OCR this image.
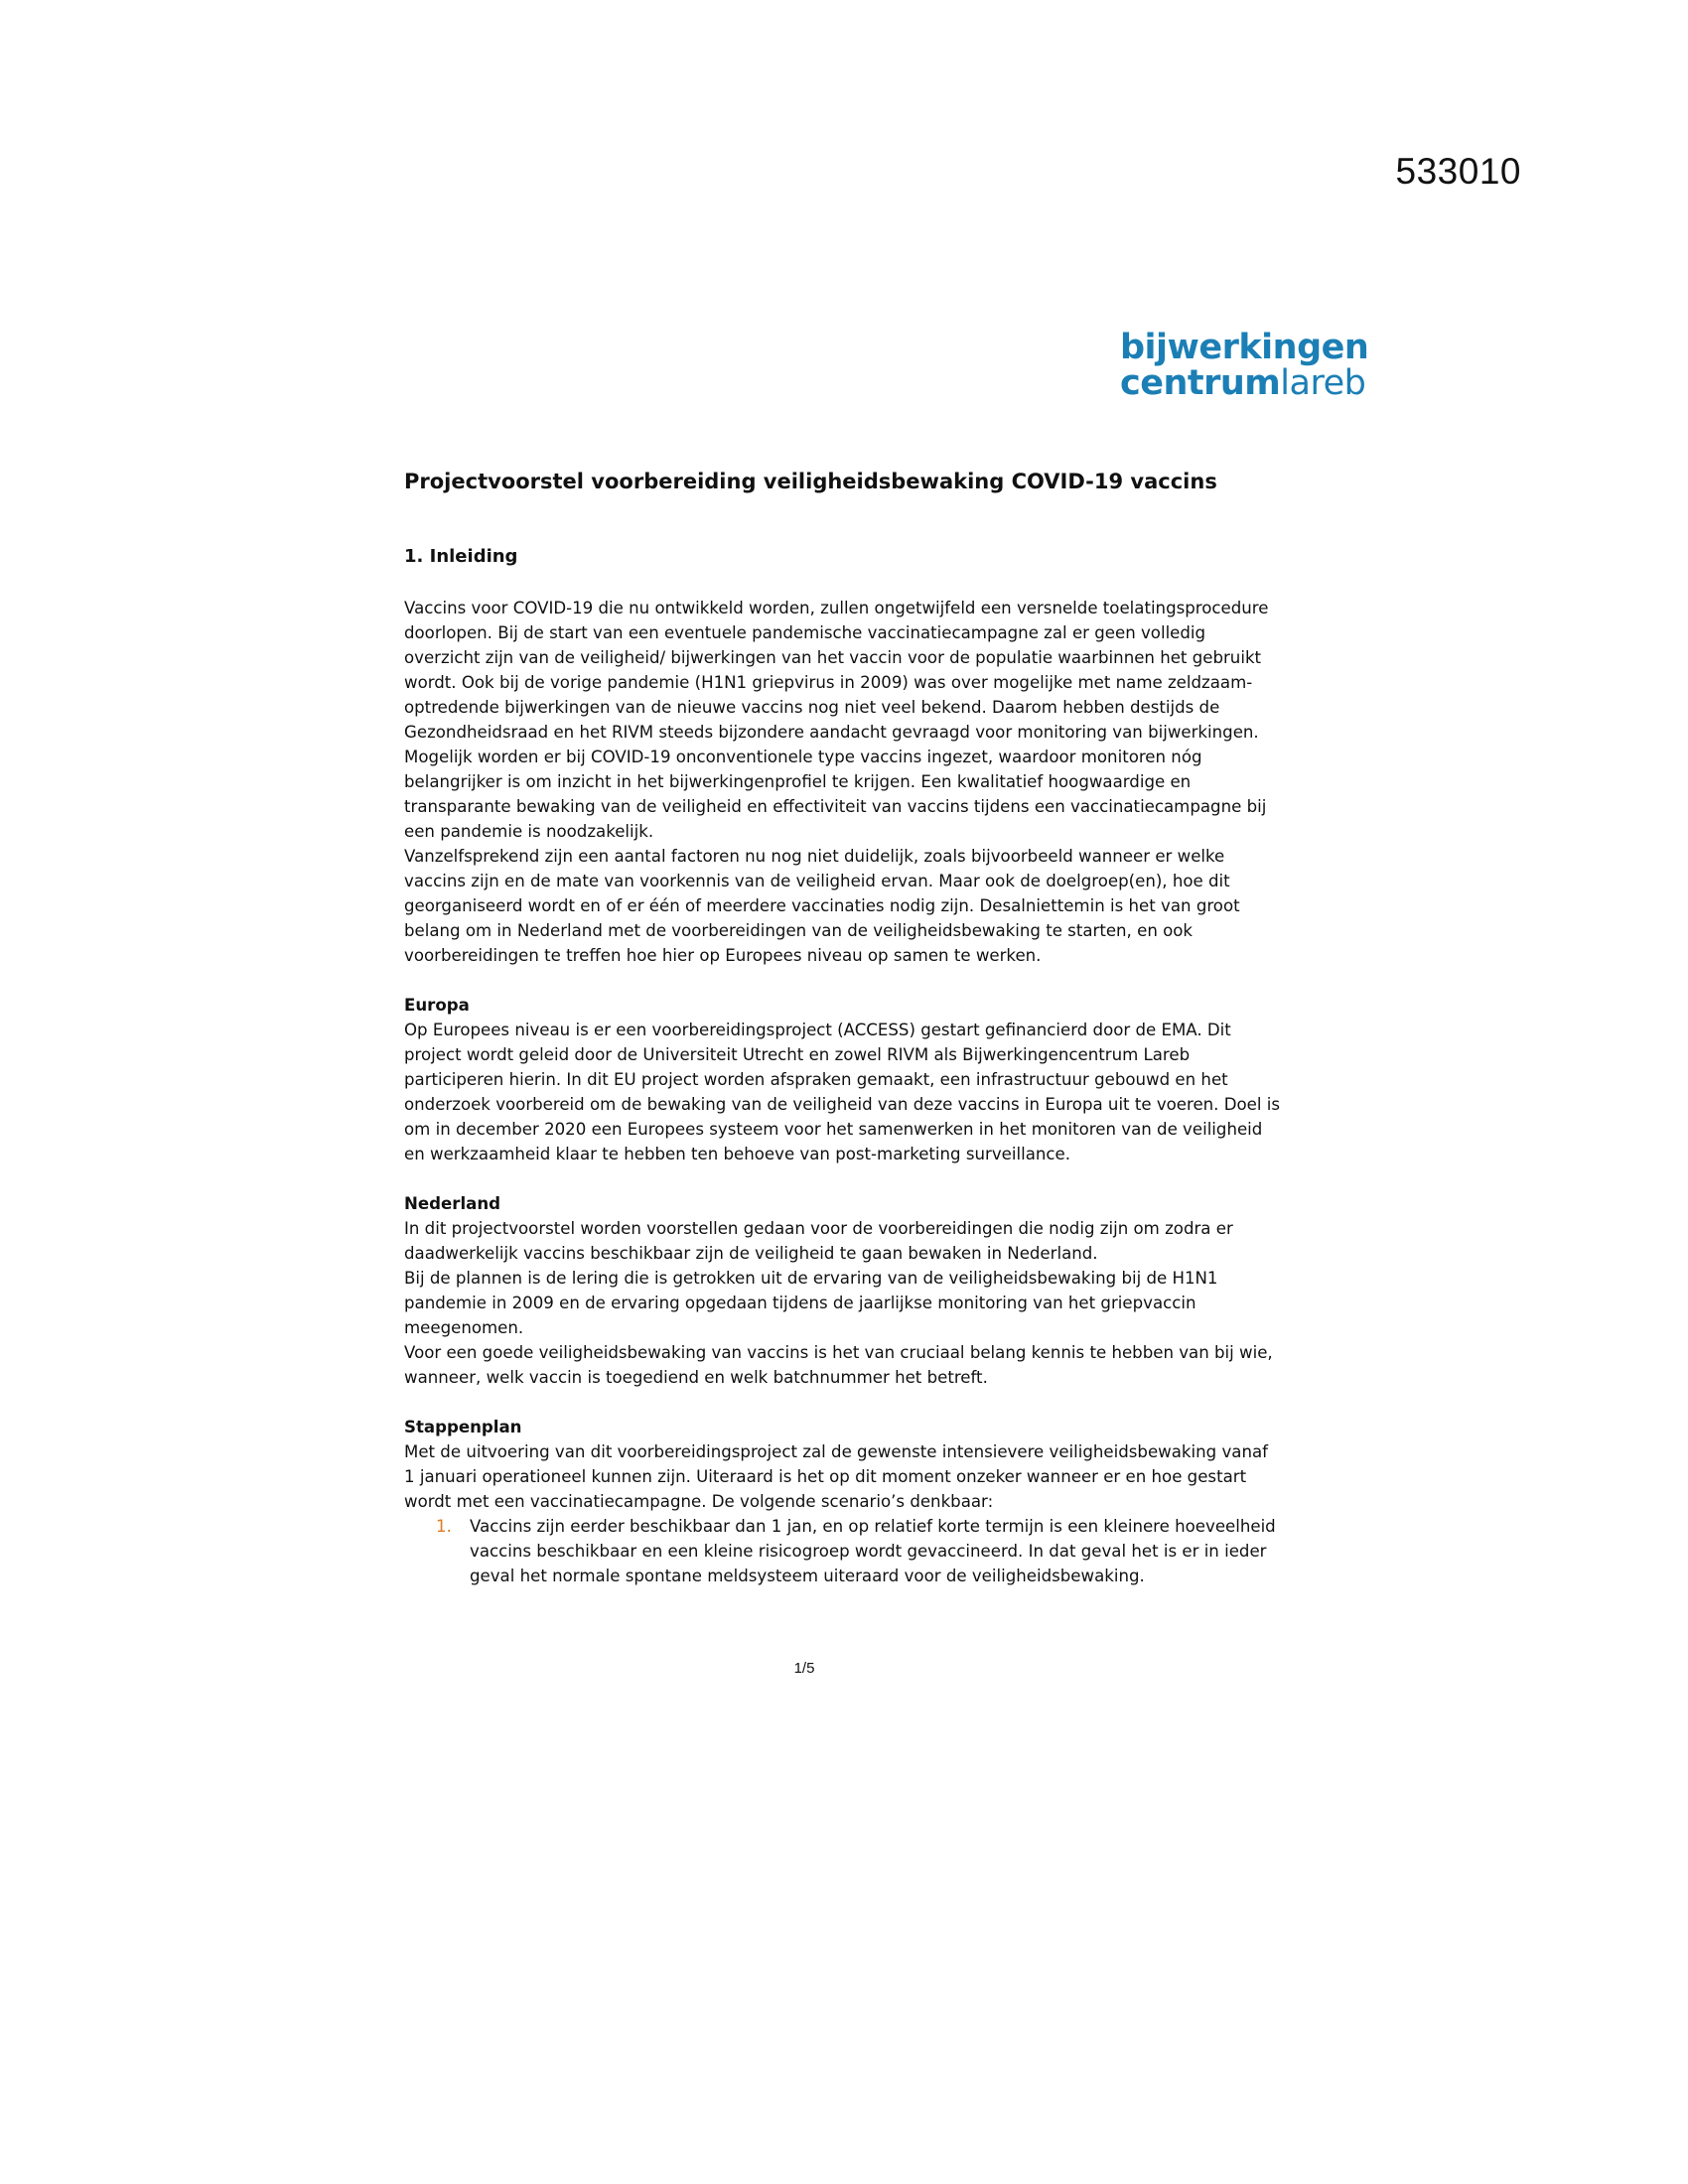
533010
bijwerkingen
centrumlareb
Projectvoorstel voorbereiding veiligheidsbewaking COVID-19 vaccins
1. Inleiding

Vaccins voor COVID-19 die nu ontwikkeld worden, zullen ongetwijfeld een versnelde toelatingsprocedure doorlopen. Bij de start van een eventuele pandemische vaccinatiecampagne zal er geen volledig overzicht zijn van de veiligheid/ bijwerkingen van het vaccin voor de populatie waarbinnen het gebruikt wordt. Ook bij de vorige pandemie (H1N1 griepvirus in 2009) was over mogelijke met name zeldzaam-optredende bijwerkingen van de nieuwe vaccins nog niet veel bekend. Daarom hebben destijds de Gezondheidsraad en het RIVM steeds bijzondere aandacht gevraagd voor monitoring van bijwerkingen. Mogelijk worden er bij COVID-19 onconventionele type vaccins ingezet, waardoor monitoren nóg belangrijker is om inzicht in het bijwerkingenprofiel te krijgen. Een kwalitatief hoogwaardige en transparante bewaking van de veiligheid en effectiviteit van vaccins tijdens een vaccinatiecampagne bij een pandemie is noodzakelijk.

Vanzelfsprekend zijn een aantal factoren nu nog niet duidelijk, zoals bijvoorbeeld wanneer er welke vaccins zijn en de mate van voorkennis van de veiligheid ervan. Maar ook de doelgroep(en), hoe dit georganiseerd wordt en of er één of meerdere vaccinaties nodig zijn. Desalniettemin is het van groot belang om in Nederland met de voorbereidingen van de veiligheidsbewaking te starten, en ook voorbereidingen te treffen hoe hier op Europees niveau op samen te werken.

Europa

Op Europees niveau is er een voorbereidingsproject (ACCESS) gestart gefinancierd door de EMA. Dit project wordt geleid door de Universiteit Utrecht en zowel RIVM als Bijwerkingencentrum Lareb participeren hierin. In dit EU project worden afspraken gemaakt, een infrastructuur gebouwd en het onderzoek voorbereid om de bewaking van de veiligheid van deze vaccins in Europa uit te voeren. Doel is om in december 2020 een Europees systeem voor het samenwerken in het monitoren van de veiligheid en werkzaamheid klaar te hebben ten behoeve van post-marketing surveillance.

Nederland

In dit projectvoorstel worden voorstellen gedaan voor de voorbereidingen die nodig zijn om zodra er daadwerkelijk vaccins beschikbaar zijn de veiligheid te gaan bewaken in Nederland.

Bij de plannen is de lering die is getrokken uit de ervaring van de veiligheidsbewaking bij de H1N1 pandemie in 2009 en de ervaring opgedaan tijdens de jaarlijkse monitoring van het griepvaccin meegenomen.

Voor een goede veiligheidsbewaking van vaccins is het van cruciaal belang kennis te hebben van bij wie, wanneer, welk vaccin is toegediend en welk batchnummer het betreft.

Stappenplan

Met de uitvoering van dit voorbereidingsproject zal de gewenste intensievere veiligheidsbewaking vanaf 1 januari operationeel kunnen zijn. Uiteraard is het op dit moment onzeker wanneer er en hoe gestart wordt met een vaccinatiecampagne. De volgende scenario’s denkbaar:

1. Vaccins zijn eerder beschikbaar dan 1 jan, en op relatief korte termijn is een kleinere hoeveelheid vaccins beschikbaar en een kleine risicogroep wordt gevaccineerd. In dat geval het is er in ieder geval het normale spontane meldsysteem uiteraard voor de veiligheidsbewaking.
1/5
